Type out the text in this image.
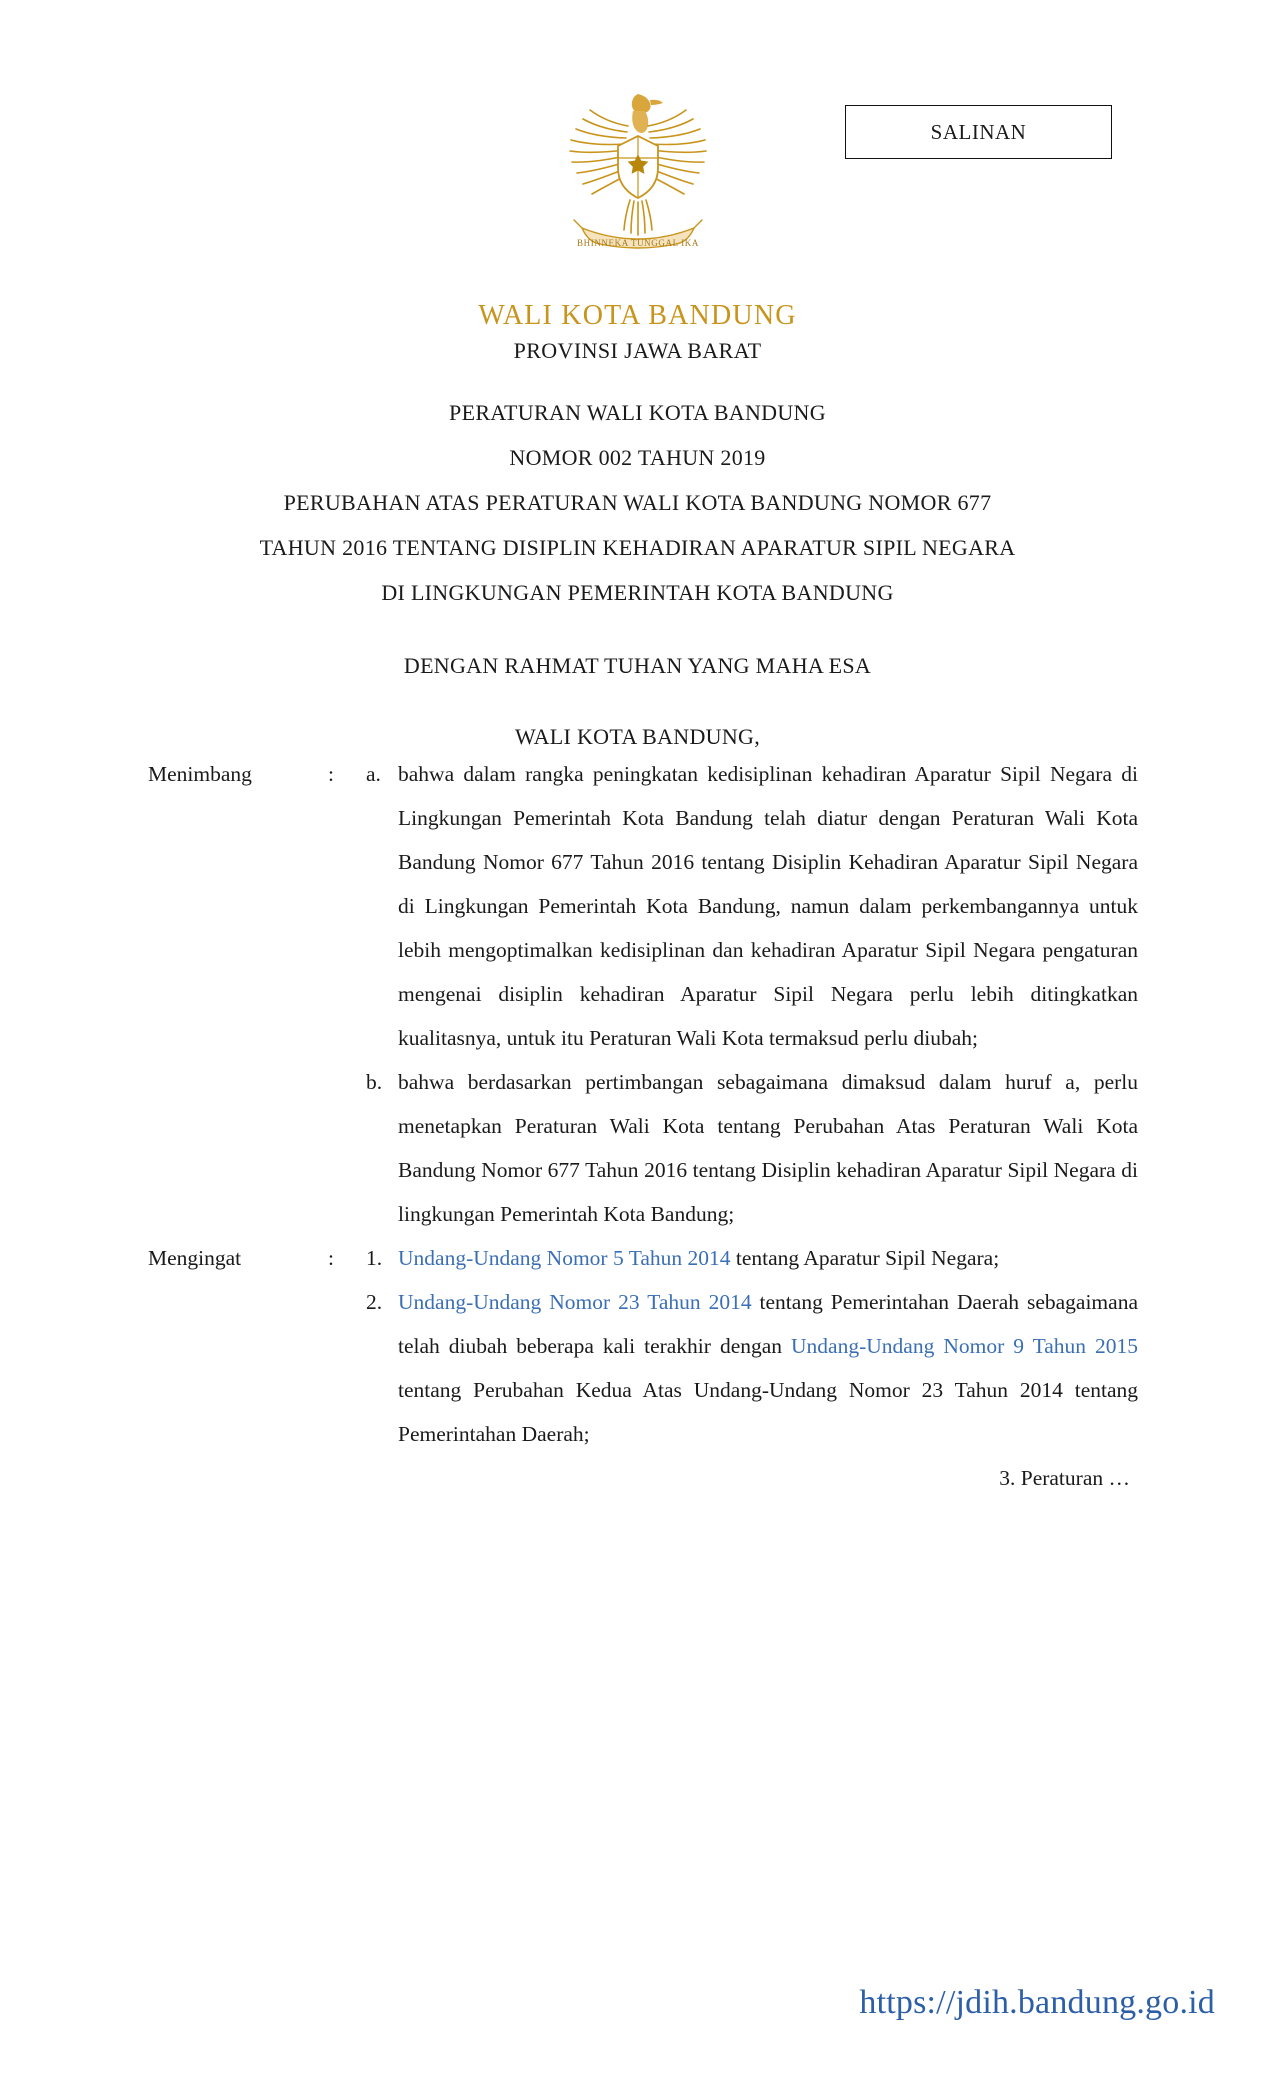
SALINAN
BHINNEKA TUNGGAL IKA
WALI KOTA BANDUNG
PROVINSI JAWA BARAT
PERATURAN WALI KOTA BANDUNG
NOMOR 002 TAHUN 2019
PERUBAHAN ATAS PERATURAN WALI KOTA BANDUNG NOMOR 677
TAHUN 2016 TENTANG DISIPLIN KEHADIRAN APARATUR SIPIL NEGARA
DI LINGKUNGAN PEMERINTAH KOTA BANDUNG
DENGAN RAHMAT TUHAN YANG MAHA ESA
WALI KOTA BANDUNG,
Menimbang	:	a. bahwa dalam rangka peningkatan kedisiplinan kehadiran Aparatur Sipil Negara di Lingkungan Pemerintah Kota Bandung telah diatur dengan Peraturan Wali Kota Bandung Nomor 677 Tahun 2016 tentang Disiplin Kehadiran Aparatur Sipil Negara di Lingkungan Pemerintah Kota Bandung, namun dalam perkembangannya untuk lebih mengoptimalkan kedisiplinan dan kehadiran Aparatur Sipil Negara pengaturan mengenai disiplin kehadiran Aparatur Sipil Negara perlu lebih ditingkatkan kualitasnya, untuk itu Peraturan Wali Kota termaksud perlu diubah;
b. bahwa berdasarkan pertimbangan sebagaimana dimaksud dalam huruf a, perlu menetapkan Peraturan Wali Kota tentang Perubahan Atas Peraturan Wali Kota Bandung Nomor 677 Tahun 2016 tentang Disiplin kehadiran Aparatur Sipil Negara di lingkungan Pemerintah Kota Bandung;
Mengingat	:	1. Undang-Undang Nomor 5 Tahun 2014 tentang Aparatur Sipil Negara;
2. Undang-Undang Nomor 23 Tahun 2014 tentang Pemerintahan Daerah sebagaimana telah diubah beberapa kali terakhir dengan Undang-Undang Nomor 9 Tahun 2015 tentang Perubahan Kedua Atas Undang-Undang Nomor 23 Tahun 2014 tentang Pemerintahan Daerah;
3. Peraturan …
https://jdih.bandung.go.id
